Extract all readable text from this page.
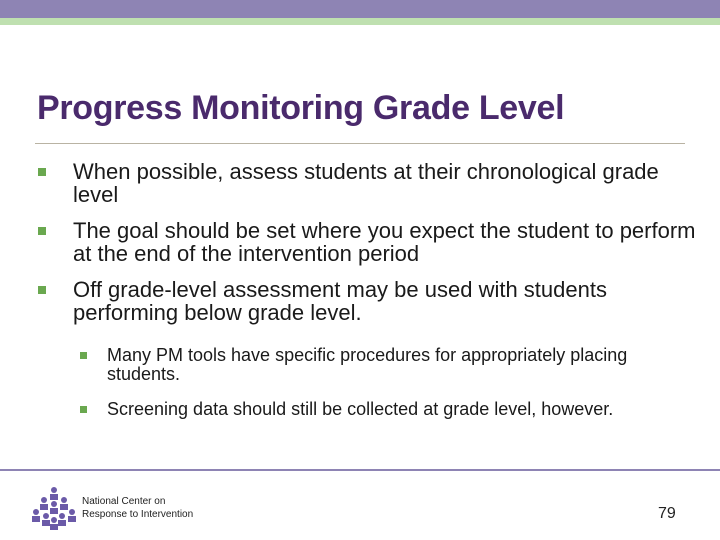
Progress Monitoring Grade Level
When possible, assess students at their chronological grade level
The goal should be set where you expect the student to perform at the end of the intervention period
Off grade-level assessment may be used with students performing below grade level.
Many PM tools have specific procedures for appropriately placing students.
Screening data should still be collected at grade level, however.
National Center on
Response to Intervention	79
